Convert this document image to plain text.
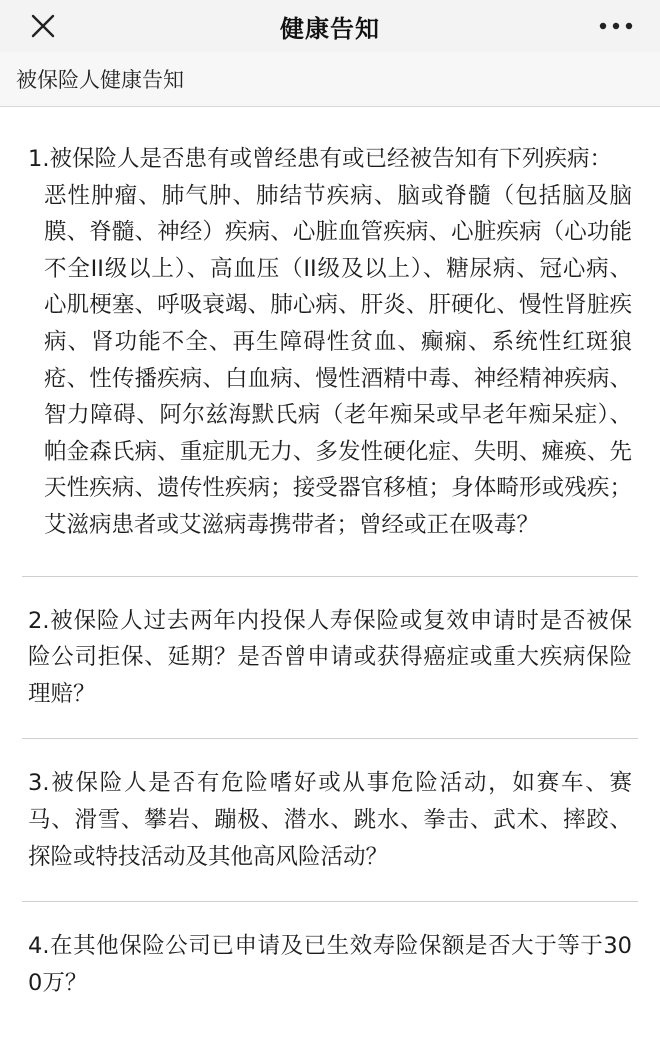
健康告知
被保险人健康告知

1.被保险人是否患有或曾经患有或已经被告知有下列疾病：

恶性肿瘤、肺气肿、肺结节疾病、脑或脊髓（包括脑及脑膜、脊髓、神经）疾病、心脏血管疾病、心脏疾病（心功能不全II级以上）、高血压（II级及以上）、糖尿病、冠心病、心肌梗塞、呼吸衰竭、肺心病、肝炎、肝硬化、慢性肾脏疾病、肾功能不全、再生障碍性贫血、癫痫、系统性红斑狼疮、性传播疾病、白血病、慢性酒精中毒、神经精神疾病、智力障碍、阿尔兹海默氏病（老年痴呆或早老年痴呆症）、帕金森氏病、重症肌无力、多发性硬化症、失明、瘫痪、先天性疾病、遗传性疾病；接受器官移植；身体畸形或残疾；艾滋病患者或艾滋病毒携带者；曾经或正在吸毒？

2.被保险人过去两年内投保人寿保险或复效申请时是否被保险公司拒保、延期？是否曾申请或获得癌症或重大疾病保险理赔？

3.被保险人是否有危险嗜好或从事危险活动，如赛车、赛马、滑雪、攀岩、蹦极、潜水、跳水、拳击、武术、摔跤、探险或特技活动及其他高风险活动？

4.在其他保险公司已申请及已生效寿险保额是否大于等于300万？
